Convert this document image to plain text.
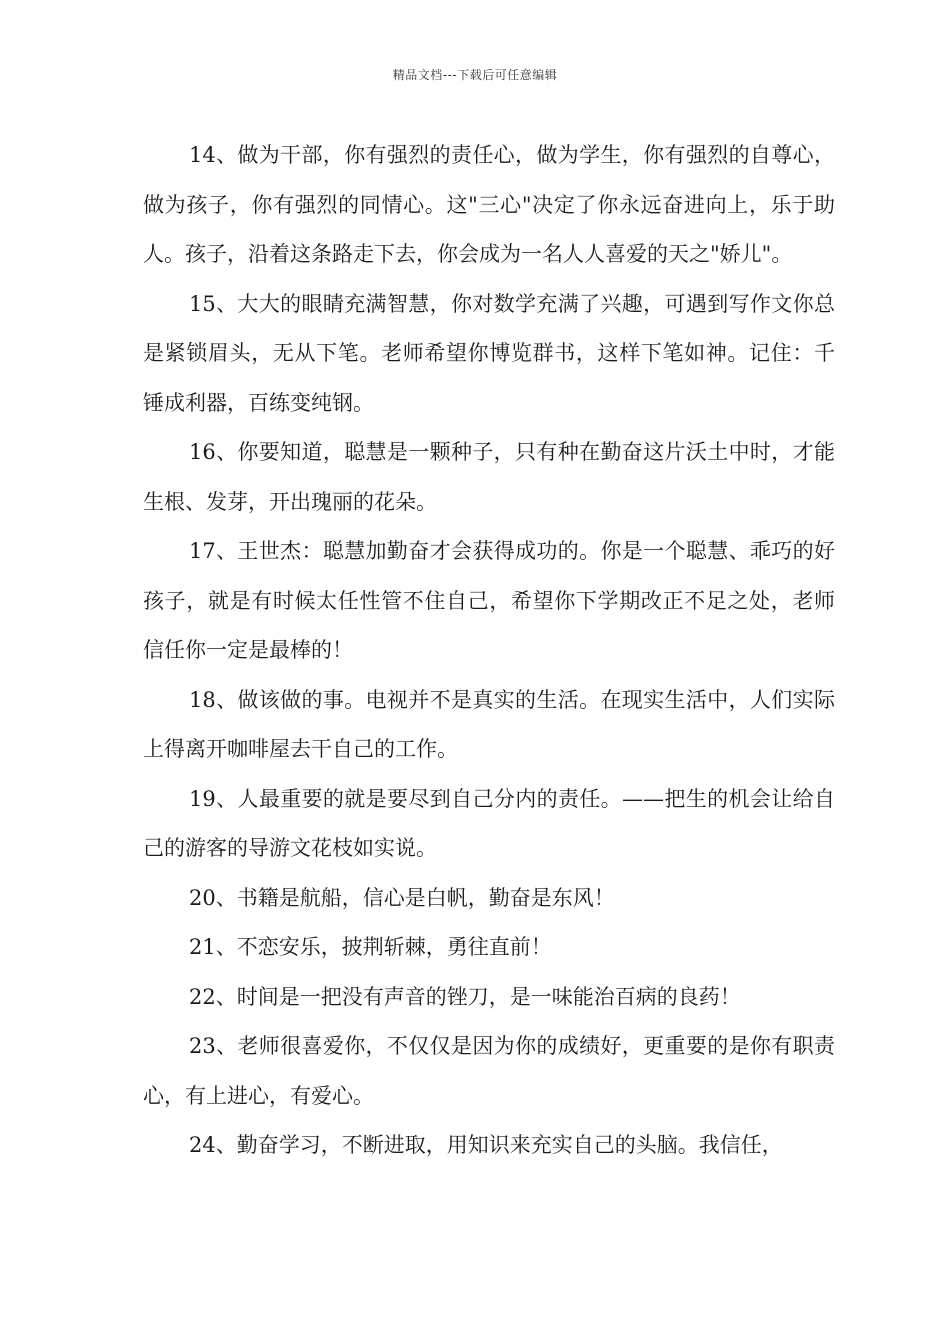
精品文档---下载后可任意编辑

14、做为干部，你有强烈的责任心，做为学生，你有强烈的自尊心，做为孩子，你有强烈的同情心。这"三心"决定了你永远奋进向上，乐于助人。孩子，沿着这条路走下去，你会成为一名人人喜爱的天之"娇儿"。

15、大大的眼睛充满智慧，你对数学充满了兴趣，可遇到写作文你总是紧锁眉头，无从下笔。老师希望你博览群书，这样下笔如神。记住：千锤成利器，百练变纯钢。

16、你要知道，聪慧是一颗种子，只有种在勤奋这片沃土中时，才能生根、发芽，开出瑰丽的花朵。

17、王世杰：聪慧加勤奋才会获得成功的。你是一个聪慧、乖巧的好孩子，就是有时候太任性管不住自己，希望你下学期改正不足之处，老师信任你一定是最棒的！

18、做该做的事。电视并不是真实的生活。在现实生活中，人们实际上得离开咖啡屋去干自己的工作。

19、人最重要的就是要尽到自己分内的责任。——把生的机会让给自己的游客的导游文花枝如实说。

20、书籍是航船，信心是白帆，勤奋是东风！

21、不恋安乐，披荆斩棘，勇往直前！

22、时间是一把没有声音的锉刀，是一味能治百病的良药！

23、老师很喜爱你，不仅仅是因为你的成绩好，更重要的是你有职责心，有上进心，有爱心。

24、勤奋学习，不断进取，用知识来充实自己的头脑。我信任，
